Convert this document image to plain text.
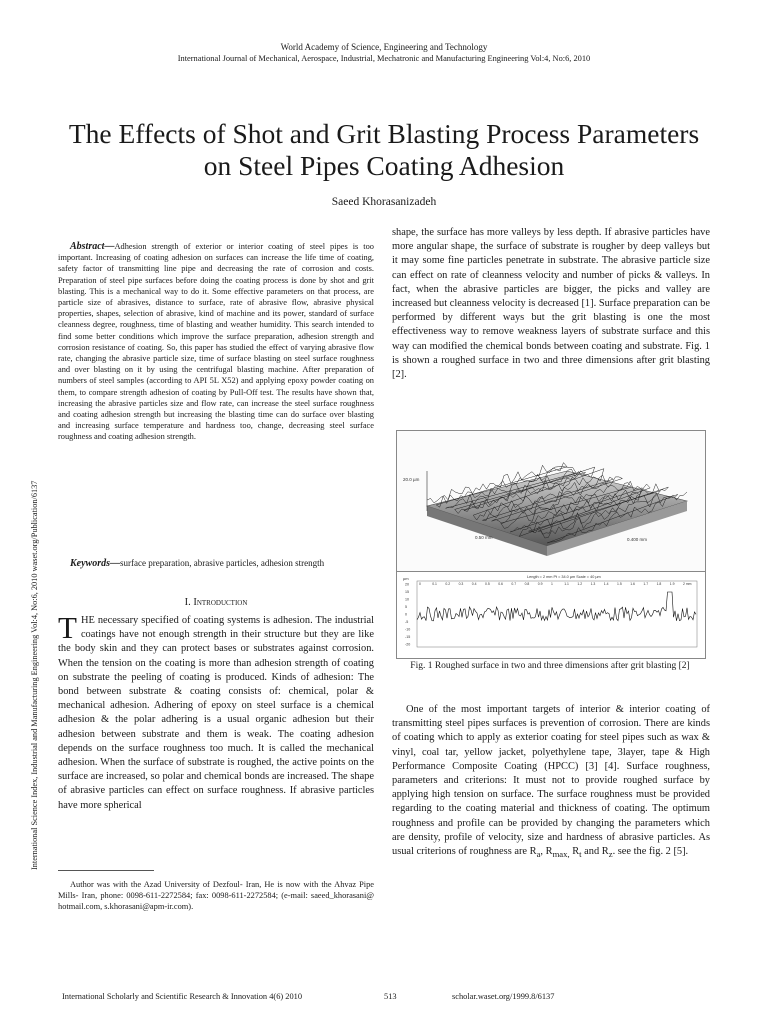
World Academy of Science, Engineering and Technology
International Journal of Mechanical, Aerospace, Industrial, Mechatronic and Manufacturing Engineering Vol:4, No:6, 2010
The Effects of Shot and Grit Blasting Process Parameters on Steel Pipes Coating Adhesion
Saeed Khorasanizadeh
International Science Index, Industrial and Manufacturing Engineering Vol:4, No:6, 2010 waset.org/Publication/6137
Abstract—Adhesion strength of exterior or interior coating of steel pipes is too important. Increasing of coating adhesion on surfaces can increase the life time of coating, safety factor of transmitting line pipe and decreasing the rate of corrosion and costs. Preparation of steel pipe surfaces before doing the coating process is done by shot and grit blasting. This is a mechanical way to do it. Some effective parameters on that process, are particle size of abrasives, distance to surface, rate of abrasive flow, abrasive physical properties, shapes, selection of abrasive, kind of machine and its power, standard of surface cleanness degree, roughness, time of blasting and weather humidity. This search intended to find some better conditions which improve the surface preparation, adhesion strength and corrosion resistance of coating. So, this paper has studied the effect of varying abrasive flow rate, changing the abrasive particle size, time of surface blasting on steel surface roughness and over blasting on it by using the centrifugal blasting machine. After preparation of numbers of steel samples (according to API 5L X52) and applying epoxy powder coating on them, to compare strength adhesion of coating by Pull-Off test. The results have shown that, increasing the abrasive particles size and flow rate, can increase the steel surface roughness and coating adhesion strength but increasing the blasting time can do surface over blasting and increasing surface temperature and hardness too, change, decreasing steel surface roughness and coating adhesion strength.
Keywords—surface preparation, abrasive particles, adhesion strength
I. Introduction
THE necessary specified of coating systems is adhesion. The industrial coatings have not enough strength in their structure but they are like the body skin and they can protect bases or substrates against corrosion. When the tension on the coating is more than adhesion strength of coating on substrate the peeling of coating is produced. Kinds of adhesion: The bond between substrate & coating consists of: chemical, polar & mechanical adhesion. Adhering of epoxy on steel surface is a chemical adhesion & the polar adhering is a usual organic adhesion but their adhesion between substrate and them is weak. The coating adhesion depends on the surface roughness too much. It is called the mechanical adhesion. When the surface of substrate is roughed, the active points on the surface are increased, so polar and chemical bonds are increased. The shape of abrasive particles can effect on surface roughness. If abrasive particles have more spherical
Author was with the Azad University of Dezfoul- Iran, He is now with the Ahvaz Pipe Mills- Iran, phone: 0098-611-2272584; fax: 0098-611-2272584; (e-mail: saeed_khorasani@ hotmail.com, s.khorasani@apm-ir.com).
shape, the surface has more valleys by less depth. If abrasive particles have more angular shape, the surface of substrate is rougher by deep valleys but it may some fine particles penetrate in substrate. The abrasive particle size can effect on rate of cleanness velocity and number of picks & valleys. In fact, when the abrasive particles are bigger, the picks and valley are increased but cleanness velocity is decreased [1]. Surface preparation can be performed by different ways but the grit blasting is one the most effectiveness way to remove weakness layers of substrate surface and this way can modified the chemical bonds between coating and substrate. Fig. 1 is shown a roughed surface in two and three dimensions after grit blasting [2].
20.0 µm
0.50 mm	0.400 mm
Length = 2 mm Pt = 34.0 µm Scale = 40 µm
µm
20
15
10
5
0
-5
-10
-15
-20
0	0.1 0.2 0.3 0.4 0.5 0.6 0.7 0.8 0.9 1	1.1 1.2 1.3 1.4 1.5 1.6 1.7 1.8 1.9 2 mm
Fig. 1 Roughed surface in two and three dimensions after grit blasting [2]
One of the most important targets of interior & interior coating of transmitting steel pipes surfaces is prevention of corrosion. There are kinds of coating which to apply as exterior coating for steel pipes such as wax & vinyl, coal tar, yellow jacket, polyethylene tape, 3layer, tape & High Performance Composite Coating (HPCC) [3] [4]. Surface roughness, parameters and criterions: It must not to provide roughed surface by applying high tension on surface. The surface roughness must be provided regarding to the coating material and thickness of coating. The optimum roughness and profile can be provided by changing the parameters which are density, profile of velocity, size and hardness of abrasive particles. As usual criterions of roughness are $R_a$, $R_{max,}$ $R_t$ and $R_z$. see the fig. 2 [5].
International Scholarly and Scientific Research & Innovation 4(6) 2010	513	scholar.waset.org/1999.8/6137
